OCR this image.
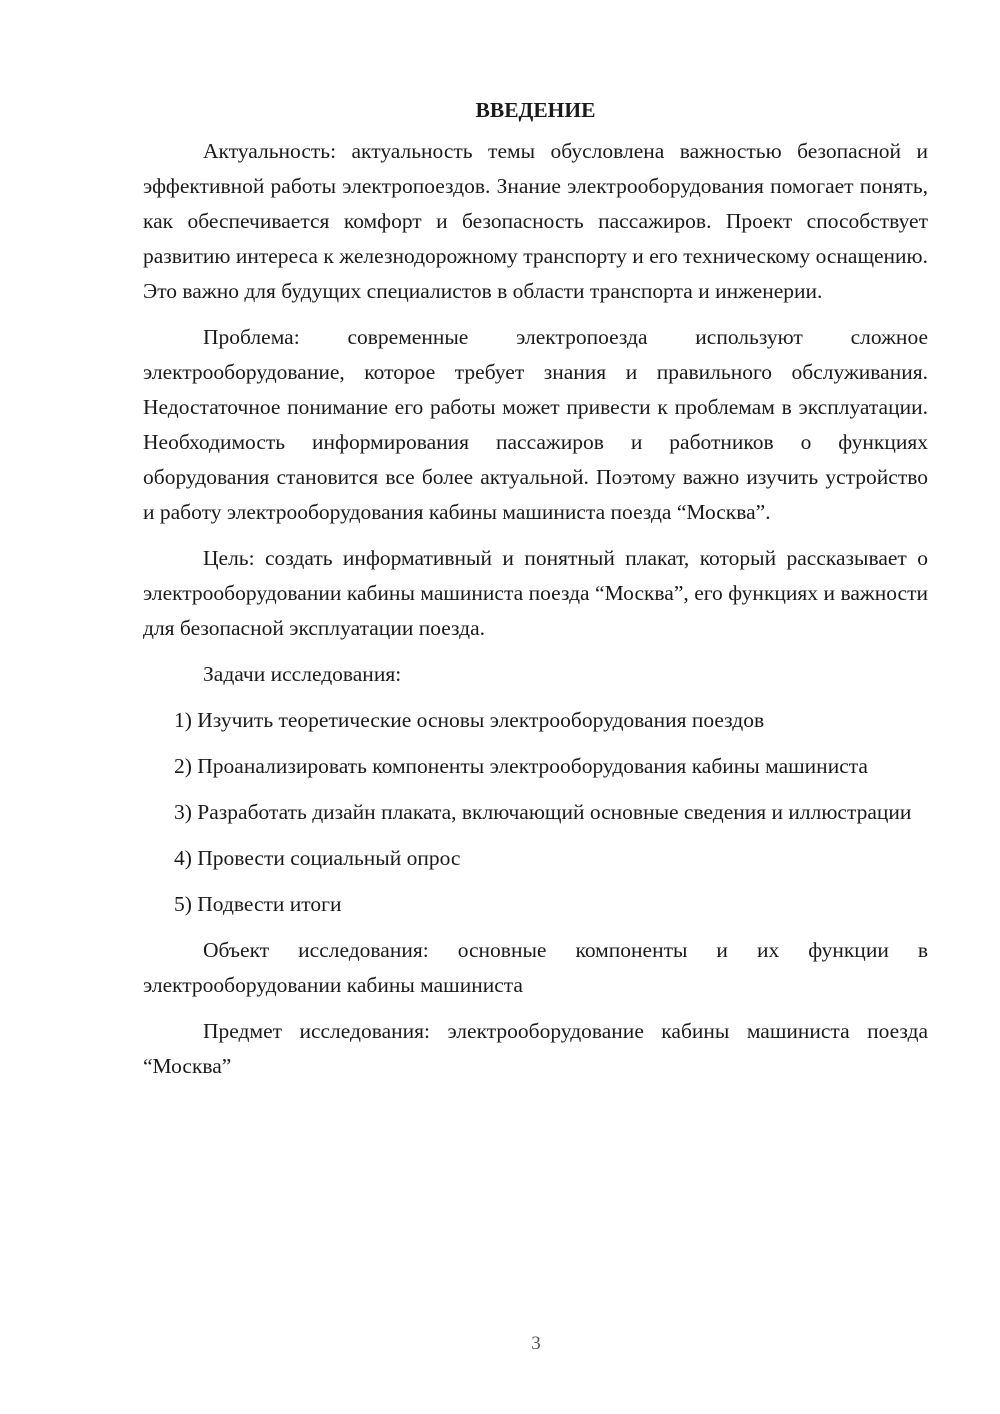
ВВЕДЕНИЕ
Актуальность: актуальность темы обусловлена важностью безопасной и эффективной работы электропоездов. Знание электрооборудования помогает понять, как обеспечивается комфорт и безопасность пассажиров. Проект способствует развитию интереса к железнодорожному транспорту и его техническому оснащению. Это важно для будущих специалистов в области транспорта и инженерии.
Проблема: современные электропоезда используют сложное электрооборудование, которое требует знания и правильного обслуживания. Недостаточное понимание его работы может привести к проблемам в эксплуатации. Необходимость информирования пассажиров и работников о функциях оборудования становится все более актуальной. Поэтому важно изучить устройство и работу электрооборудования кабины машиниста поезда “Москва”.
Цель: создать информативный и понятный плакат, который рассказывает о электрооборудовании кабины машиниста поезда “Москва”, его функциях и важности для безопасной эксплуатации поезда.
Задачи исследования:
1) Изучить теоретические основы электрооборудования поездов
2) Проанализировать компоненты электрооборудования кабины машиниста
3) Разработать дизайн плаката, включающий основные сведения и иллюстрации
4) Провести социальный опрос
5) Подвести итоги
Объект исследования: основные компоненты и их функции в электрооборудовании кабины машиниста
Предмет исследования: электрооборудование кабины машиниста поезда “Москва”
3
